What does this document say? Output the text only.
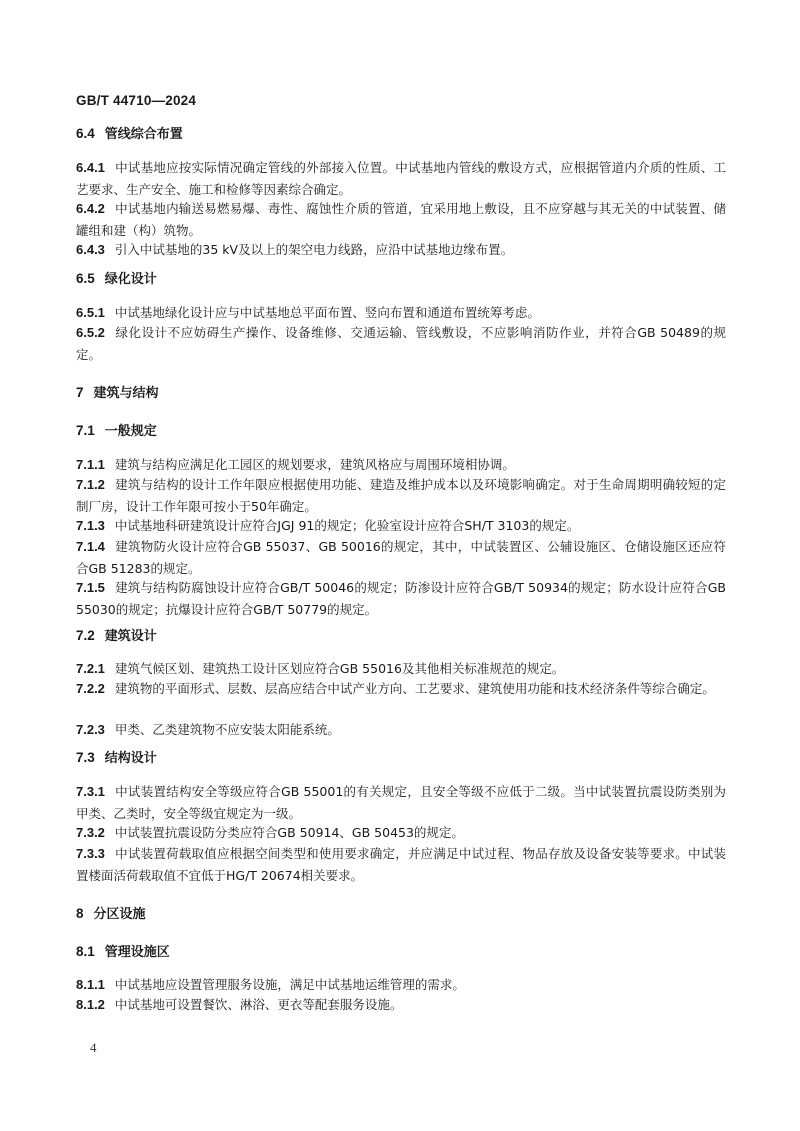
GB/T 44710—2024
6.4 管线综合布置
6.4.1 中试基地应按实际情况确定管线的外部接入位置。中试基地内管线的敷设方式，应根据管道内介质的性质、工艺要求、生产安全、施工和检修等因素综合确定。
6.4.2 中试基地内输送易燃易爆、毒性、腐蚀性介质的管道，宜采用地上敷设，且不应穿越与其无关的中试装置、储罐组和建（构）筑物。
6.4.3 引入中试基地的35 kV及以上的架空电力线路，应沿中试基地边缘布置。
6.5 绿化设计
6.5.1 中试基地绿化设计应与中试基地总平面布置、竖向布置和通道布置统筹考虑。
6.5.2 绿化设计不应妨碍生产操作、设备维修、交通运输、管线敷设，不应影响消防作业，并符合GB 50489的规定。
7 建筑与结构
7.1 一般规定
7.1.1 建筑与结构应满足化工园区的规划要求，建筑风格应与周围环境相协调。
7.1.2 建筑与结构的设计工作年限应根据使用功能、建造及维护成本以及环境影响确定。对于生命周期明确较短的定制厂房，设计工作年限可按小于50年确定。
7.1.3 中试基地科研建筑设计应符合JGJ 91的规定；化验室设计应符合SH/T 3103的规定。
7.1.4 建筑物防火设计应符合GB 55037、GB 50016的规定，其中，中试装置区、公辅设施区、仓储设施区还应符合GB 51283的规定。
7.1.5 建筑与结构防腐蚀设计应符合GB/T 50046的规定；防渗设计应符合GB/T 50934的规定；防水设计应符合GB 55030的规定；抗爆设计应符合GB/T 50779的规定。
7.2 建筑设计
7.2.1 建筑气候区划、建筑热工设计区划应符合GB 55016及其他相关标准规范的规定。
7.2.2 建筑物的平面形式、层数、层高应结合中试产业方向、工艺要求、建筑使用功能和技术经济条件等综合确定。
7.2.3 甲类、乙类建筑物不应安装太阳能系统。
7.3 结构设计
7.3.1 中试装置结构安全等级应符合GB 55001的有关规定，且安全等级不应低于二级。当中试装置抗震设防类别为甲类、乙类时，安全等级宜规定为一级。
7.3.2 中试装置抗震设防分类应符合GB 50914、GB 50453的规定。
7.3.3 中试装置荷载取值应根据空间类型和使用要求确定，并应满足中试过程、物品存放及设备安装等要求。中试装置楼面活荷载取值不宜低于HG/T 20674相关要求。
8 分区设施
8.1 管理设施区
8.1.1 中试基地应设置管理服务设施，满足中试基地运维管理的需求。
8.1.2 中试基地可设置餐饮、淋浴、更衣等配套服务设施。
4
